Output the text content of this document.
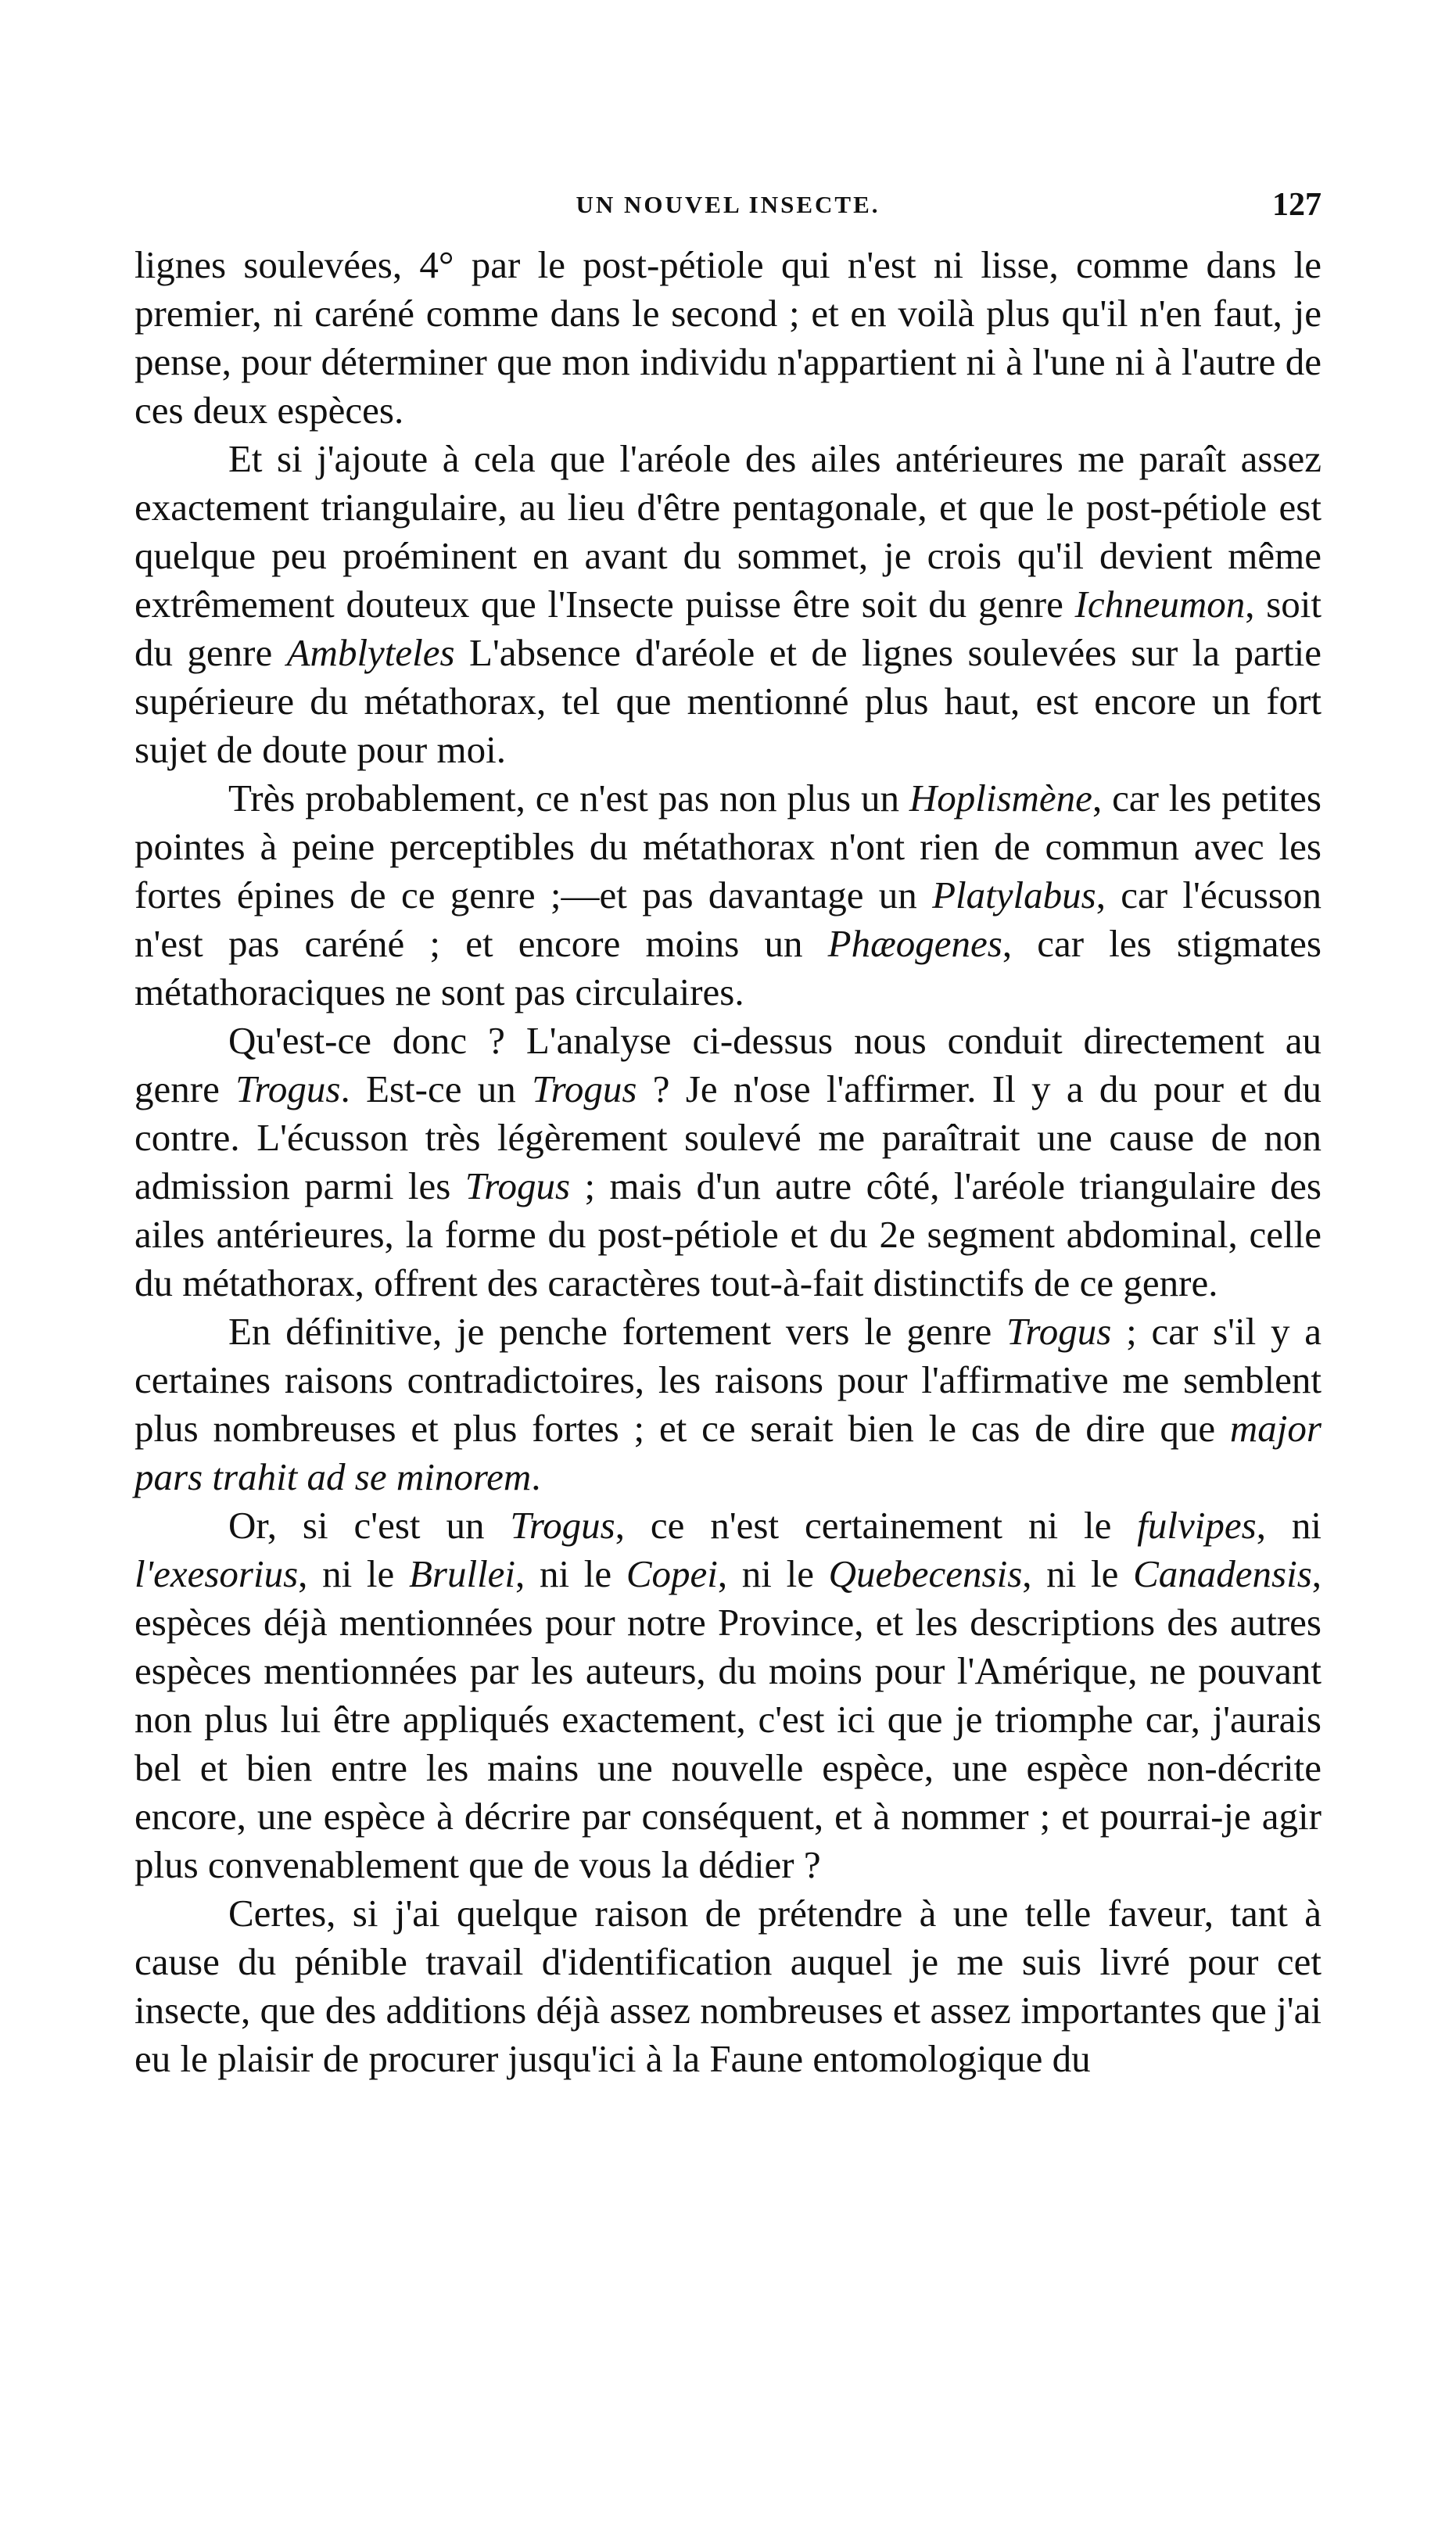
UN NOUVEL INSECTE.	127

lignes soulevées, 4° par le post-pétiole qui n'est ni lisse, comme dans le premier, ni caréné comme dans le second ; et en voilà plus qu'il n'en faut, je pense, pour déterminer que mon individu n'appartient ni à l'une ni à l'autre de ces deux espèces.

Et si j'ajoute à cela que l'aréole des ailes antérieures me paraît assez exactement triangulaire, au lieu d'être pentagonale, et que le post-pétiole est quelque peu proéminent en avant du sommet, je crois qu'il devient même extrêmement douteux que l'Insecte puisse être soit du genre Ichneumon, soit du genre Amblyteles L'absence d'aréole et de lignes soulevées sur la partie supérieure du métathorax, tel que mentionné plus haut, est encore un fort sujet de doute pour moi.

Très probablement, ce n'est pas non plus un Hoplismène, car les petites pointes à peine perceptibles du métathorax n'ont rien de commun avec les fortes épines de ce genre ;—et pas davantage un Platylabus, car l'écusson n'est pas caréné ; et encore moins un Phæogenes, car les stigmates métathoraciques ne sont pas circulaires.

Qu'est-ce donc ? L'analyse ci-dessus nous conduit directement au genre Trogus. Est-ce un Trogus ? Je n'ose l'affirmer. Il y a du pour et du contre. L'écusson très légèrement soulevé me paraîtrait une cause de non admission parmi les Trogus ; mais d'un autre côté, l'aréole triangulaire des ailes antérieures, la forme du post-pétiole et du 2e segment abdominal, celle du métathorax, offrent des caractères tout-à-fait distinctifs de ce genre.

En définitive, je penche fortement vers le genre Trogus ; car s'il y a certaines raisons contradictoires, les raisons pour l'affirmative me semblent plus nombreuses et plus fortes ; et ce serait bien le cas de dire que major pars trahit ad se minorem.

Or, si c'est un Trogus, ce n'est certainement ni le fulvipes, ni l'exesorius, ni le Brullei, ni le Copei, ni le Quebecensis, ni le Canadensis, espèces déjà mentionnées pour notre Province, et les descriptions des autres espèces mentionnées par les auteurs, du moins pour l'Amérique, ne pouvant non plus lui être appliqués exactement, c'est ici que je triomphe car, j'aurais bel et bien entre les mains une nouvelle espèce, une espèce non-décrite encore, une espèce à décrire par conséquent, et à nommer ; et pourrai-je agir plus convenablement que de vous la dédier ?

Certes, si j'ai quelque raison de prétendre à une telle faveur, tant à cause du pénible travail d'identification auquel je me suis livré pour cet insecte, que des additions déjà assez nombreuses et assez importantes que j'ai eu le plaisir de procurer jusqu'ici à la Faune entomologique du
